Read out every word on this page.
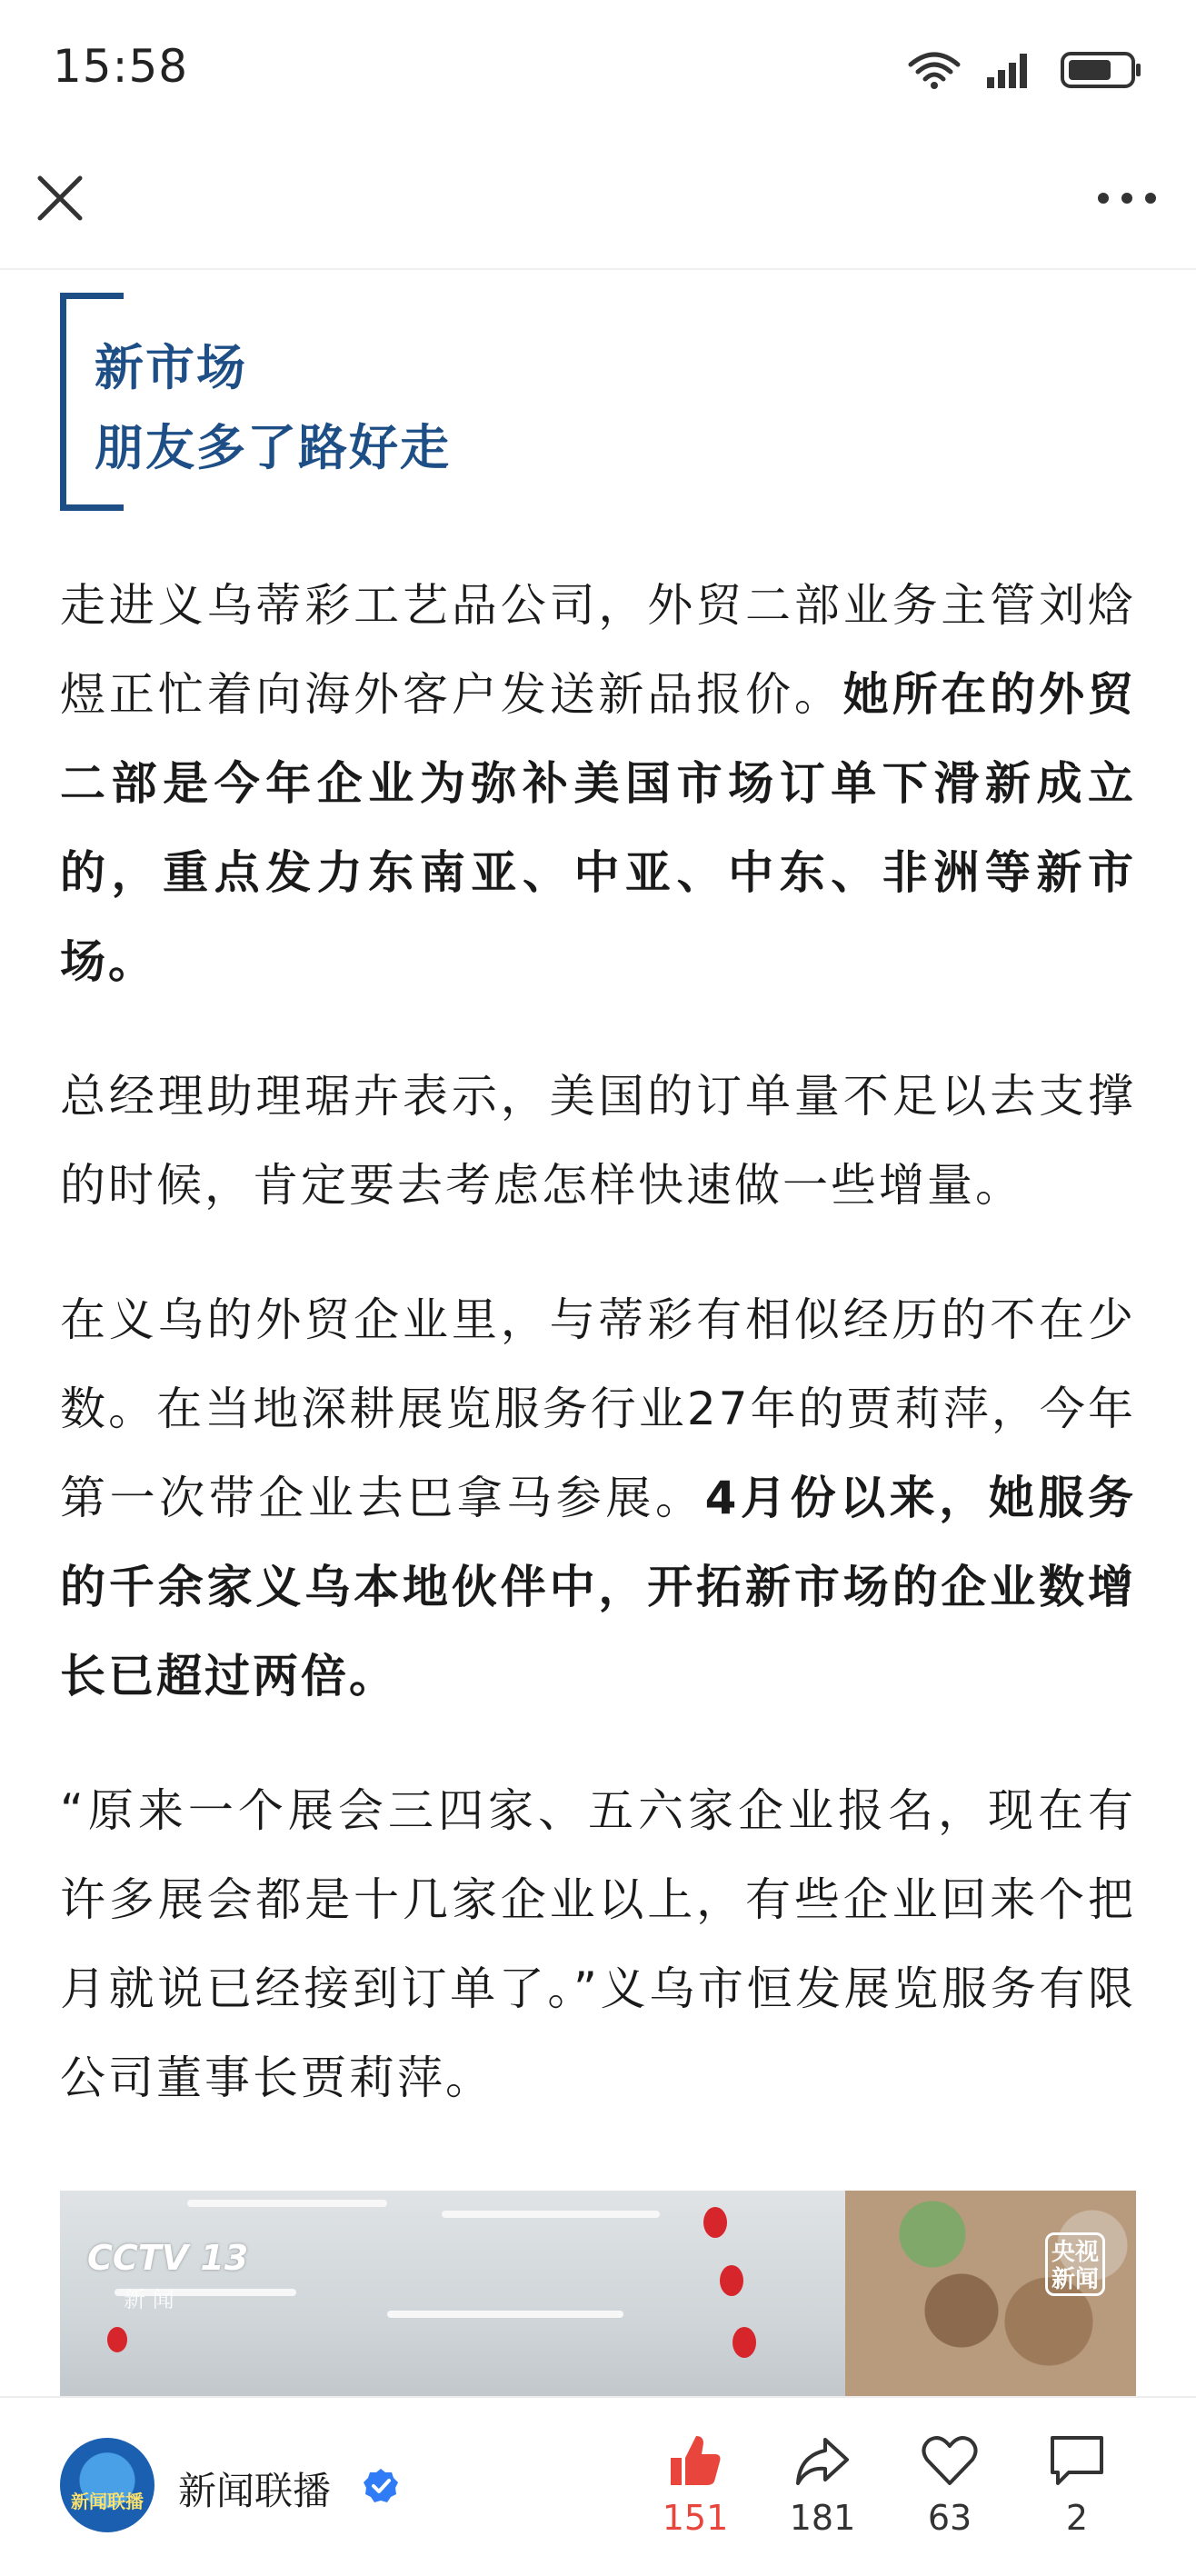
15:58
新市场
朋友多了路好走

走进义乌蒂彩工艺品公司，外贸二部业务主管刘焓煜正忙着向海外客户发送新品报价。她所在的外贸二部是今年企业为弥补美国市场订单下滑新成立的，重点发力东南亚、中亚、中东、非洲等新市场。

总经理助理琚卉表示，美国的订单量不足以去支撑的时候，肯定要去考虑怎样快速做一些增量。

在义乌的外贸企业里，与蒂彩有相似经历的不在少数。在当地深耕展览服务行业27年的贾莉萍，今年第一次带企业去巴拿马参展。4月份以来，她服务的千余家义乌本地伙伴中，开拓新市场的企业数增长已超过两倍。

“原来一个展会三四家、五六家企业报名，现在有许多展会都是十几家企业以上，有些企业回来个把月就说已经接到订单了。”义乌市恒发展览服务有限公司董事长贾莉萍。

CCTV 13
新 闻
央视
新闻
新闻联播 新闻联播
151 181	63	2
